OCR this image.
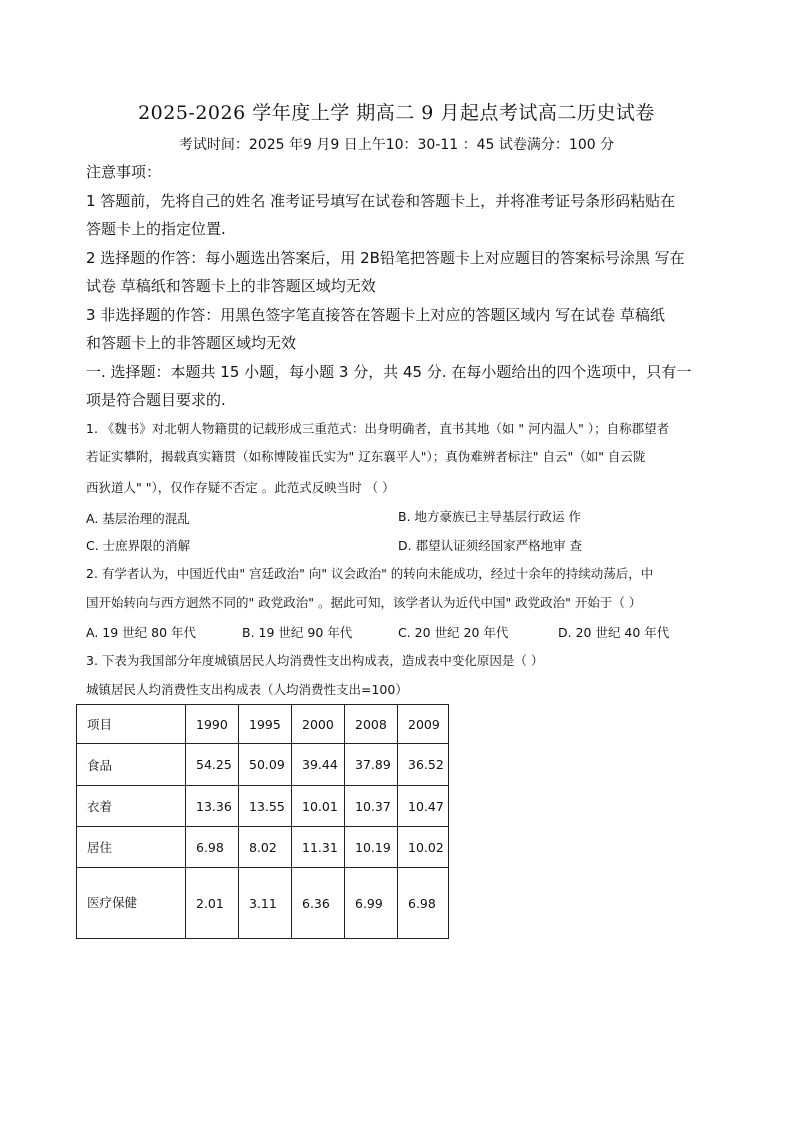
2025-2026 学年度上学 期高二 9 月起点考试高二历史试卷
考试时间：2025 年9 月9 日上午10：30-11 ：45 试卷满分：100 分
注意事项：
1 答题前，先将自己的姓名 准考证号填写在试卷和答题卡上，并将准考证号条形码粘贴在
答题卡上的指定位置.
2 选择题的作答：每小题选出答案后，用 2B铅笔把答题卡上对应题目的答案标号涂黑 写在
试卷 草稿纸和答题卡上的非答题区域均无效
3 非选择题的作答：用黑色签字笔直接答在答题卡上对应的答题区域内 写在试卷 草稿纸
和答题卡上的非答题区域均无效
一. 选择题：本题共 15 小题，每小题 3 分，共 45 分. 在每小题给出的四个选项中，只有一
项是符合题目要求的.
1. 《魏书》对北朝人物籍贯的记载形成三重范式：出身明确者，直书其地（如 " 河内温人" ）；自称郡望者
若证实攀附，揭载真实籍贯（如称博陵崔氏实为" 辽东襄平人"）；真伪难辨者标注" 自云"（如" 自云陇
西狄道人" "），仅作存疑不否定 。此范式反映当时 （ ）
A. 基层治理的混乱	B. 地方豪族已主导基层行政运 作
C. 士庶界限的消解	D. 郡望认证须经国家严格地审 查
2. 有学者认为，中国近代由" 宫廷政治" 向" 议会政治" 的转向未能成功，经过十余年的持续动荡后，中
国开始转向与西方迥然不同的" 政党政治" 。据此可知，该学者认为近代中国" 政党政治" 开始于（ ）
A. 19 世纪 80 年代	B. 19 世纪 90 年代	C. 20 世纪 20 年代	D. 20 世纪 40 年代
3. 下表为我国部分年度城镇居民人均消费性支出构成表，造成表中变化原因是（ ）
城镇居民人均消费性支出构成表（人均消费性支出=100）
项目	1990	1995	2000	2008	2009
食品	54.25	50.09	39.44	37.89	36.52
衣着	13.36	13.55	10.01	10.37	10.47
居住	6.98	8.02	11.31	10.19	10.02
医疗保健	2.01	3.11	6.36	6.99	6.98
